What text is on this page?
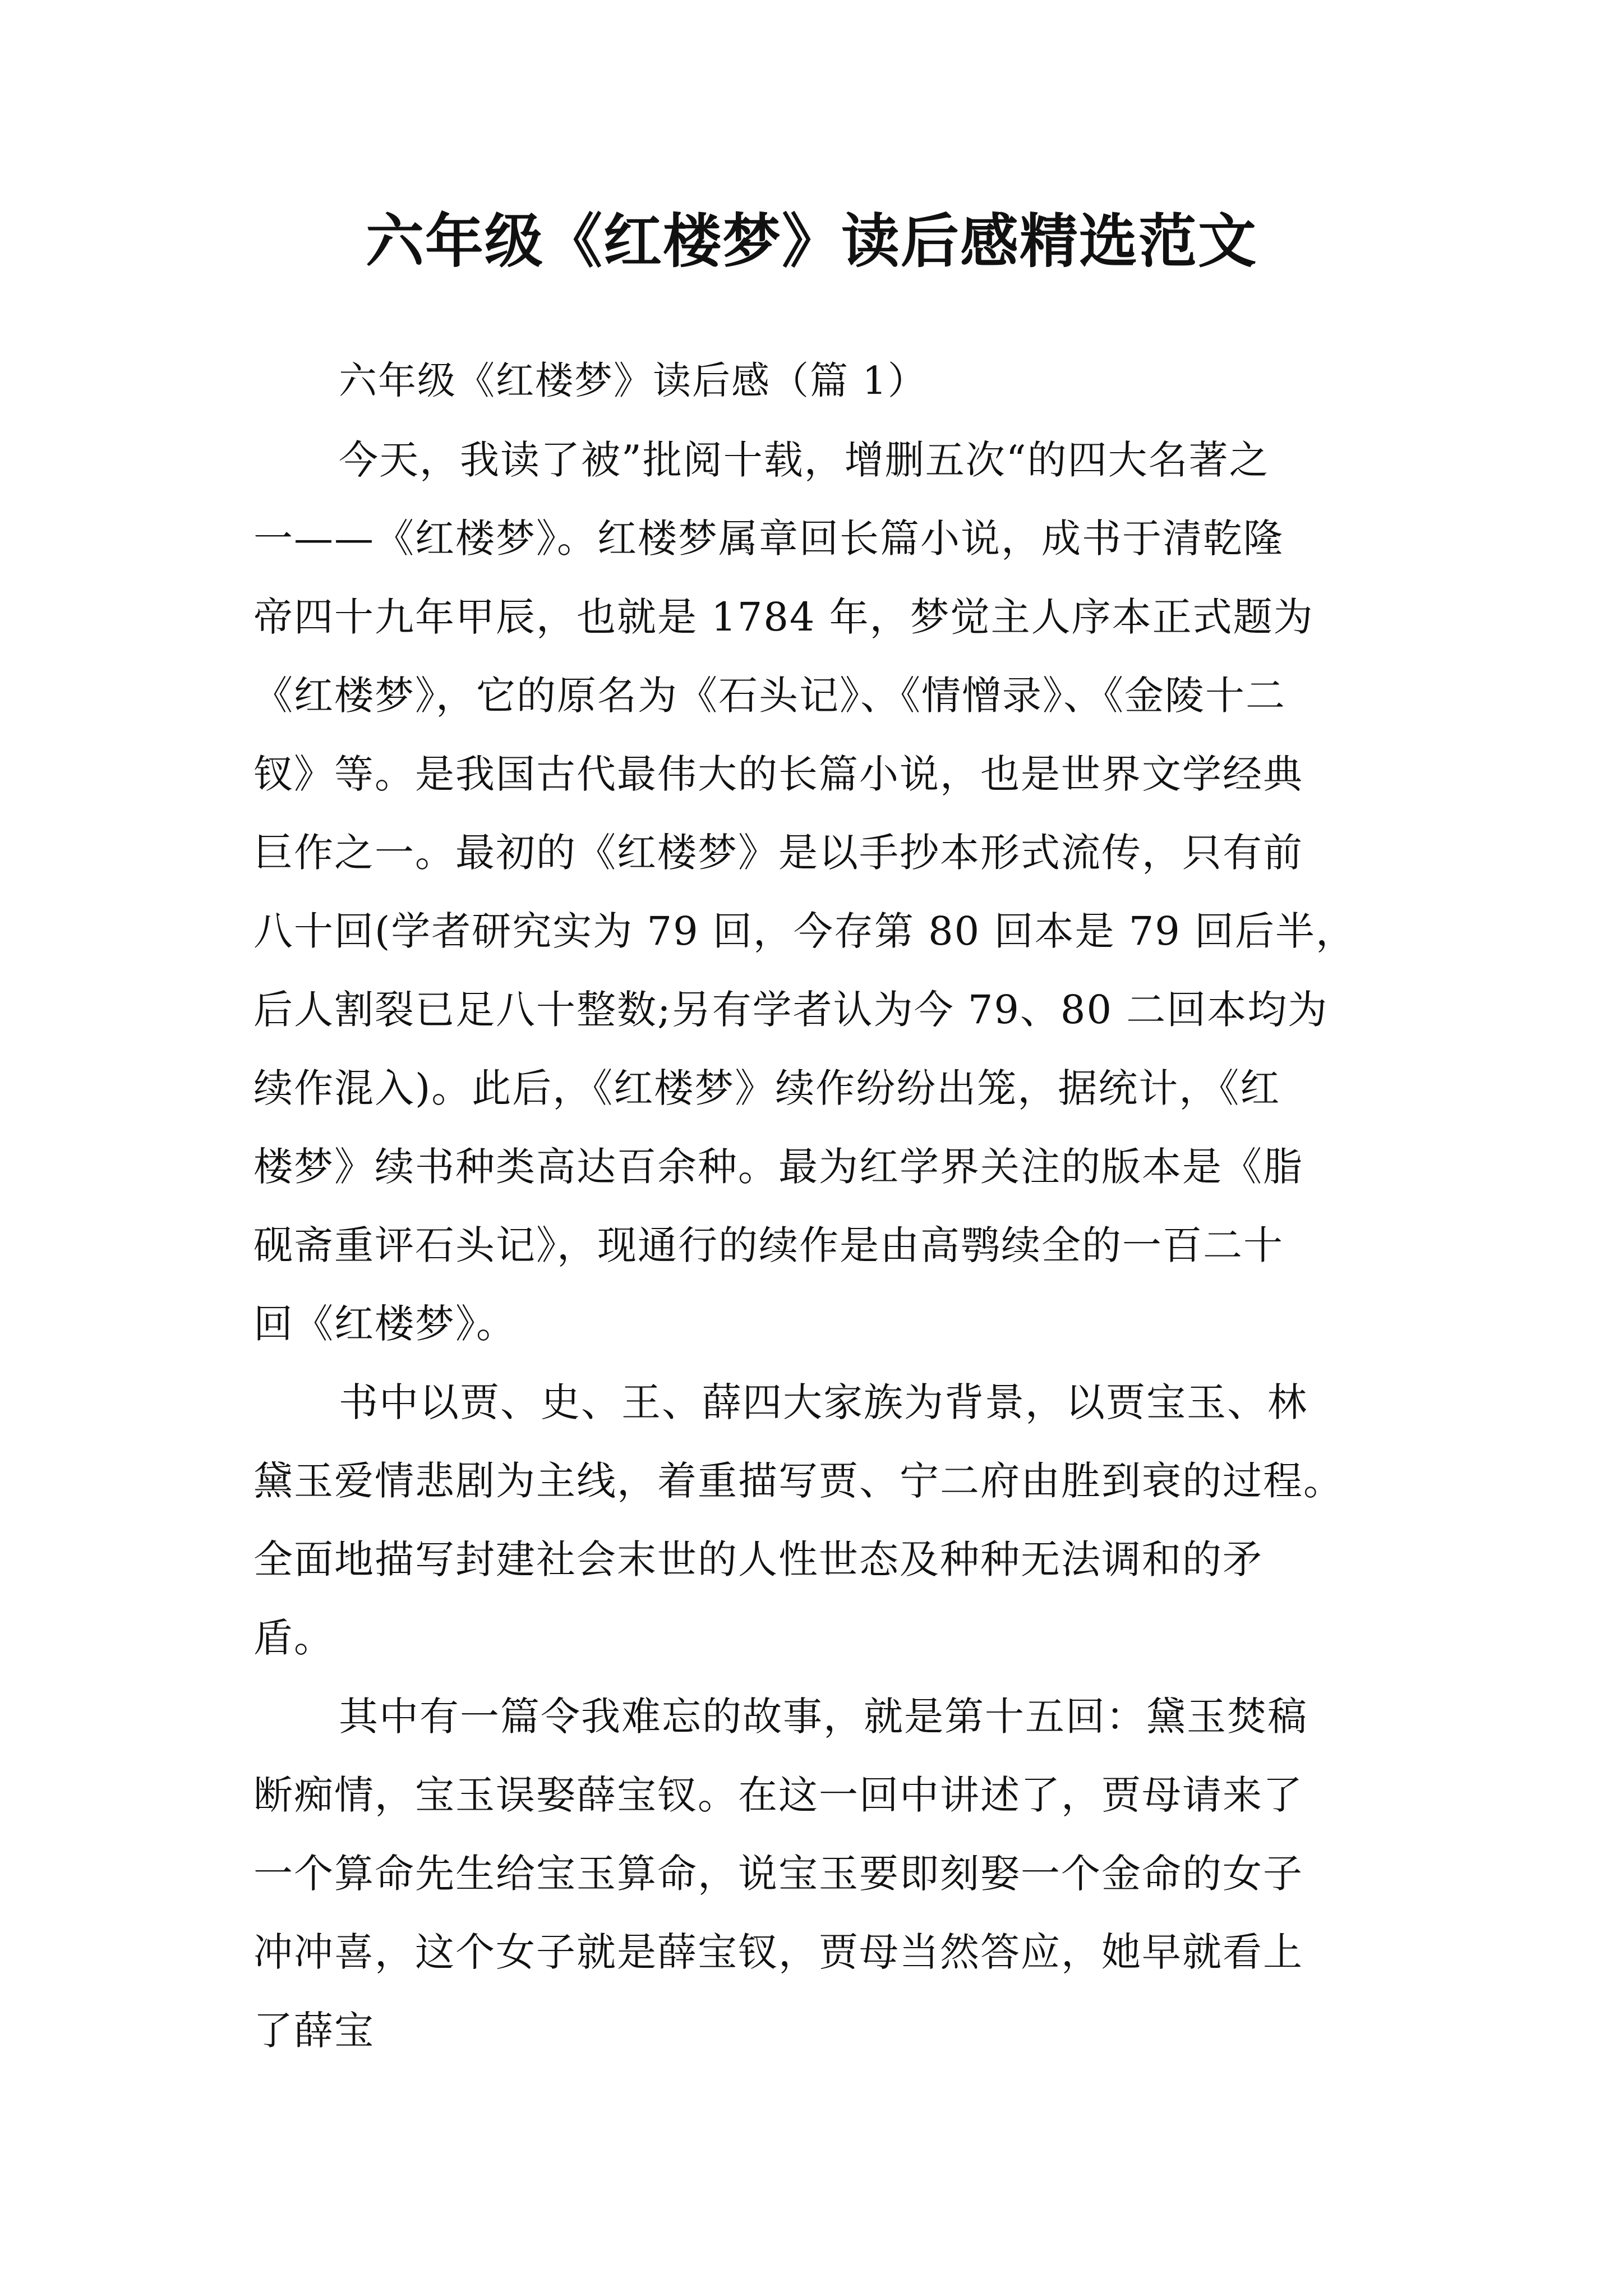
六年级《红楼梦》读后感精选范文
六年级《红楼梦》读后感（篇 1）
今天，我读了被”批阅十载，增删五次“的四大名著之
一——《红楼梦》。红楼梦属章回长篇小说，成书于清乾隆
帝四十九年甲辰，也就是 1784 年，梦觉主人序本正式题为
《红楼梦》，它的原名为《石头记》、《情憎录》、《金陵十二
钗》等。是我国古代最伟大的长篇小说，也是世界文学经典
巨作之一。最初的《红楼梦》是以手抄本形式流传，只有前
八十回(学者研究实为 79 回，今存第 80 回本是 79 回后半，
后人割裂已足八十整数;另有学者认为今 79、80 二回本均为
续作混入)。此后，《红楼梦》续作纷纷出笼，据统计，《红
楼梦》续书种类高达百余种。最为红学界关注的版本是《脂
砚斋重评石头记》，现通行的续作是由高鹗续全的一百二十
回《红楼梦》。
书中以贾、史、王、薛四大家族为背景，以贾宝玉、林
黛玉爱情悲剧为主线，着重描写贾、宁二府由胜到衰的过程。
全面地描写封建社会末世的人性世态及种种无法调和的矛
盾。
其中有一篇令我难忘的故事，就是第十五回：黛玉焚稿
断痴情，宝玉误娶薛宝钗。在这一回中讲述了，贾母请来了
一个算命先生给宝玉算命，说宝玉要即刻娶一个金命的女子
冲冲喜，这个女子就是薛宝钗，贾母当然答应，她早就看上
了薛宝
